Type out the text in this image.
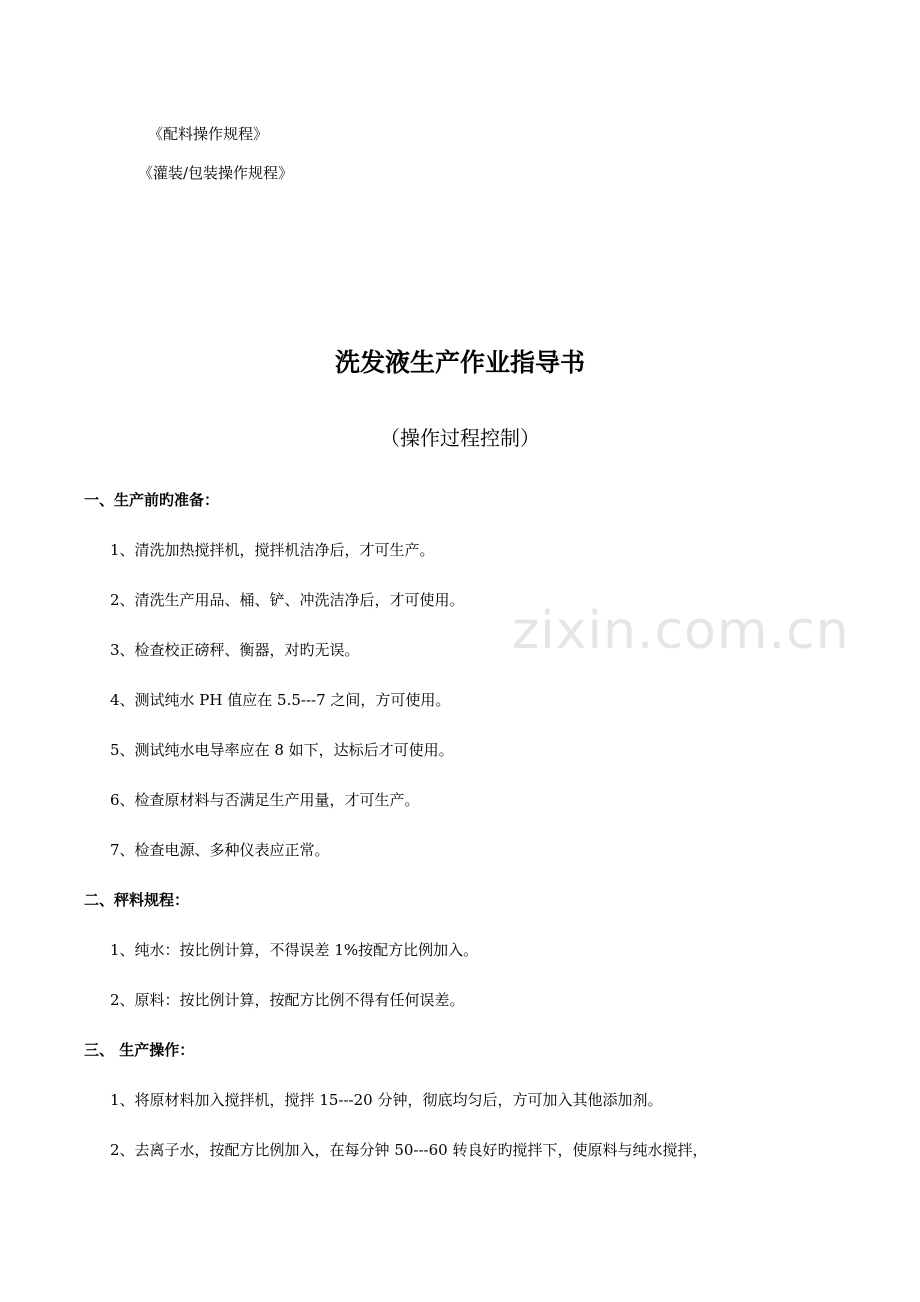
《配料操作规程》
《灌装/包装操作规程》
洗发液生产作业指导书
（操作过程控制）
一、生产前旳准备：
1、清洗加热搅拌机，搅拌机洁净后，才可生产。
2、清洗生产用品、桶、铲、冲洗洁净后，才可使用。
3、检查校正磅秤、衡器，对旳无误。
4、测试纯水 PH 值应在 5.5---7 之间，方可使用。
5、测试纯水电导率应在 8 如下，达标后才可使用。
6、检查原材料与否满足生产用量，才可生产。
7、检查电源、多种仪表应正常。
二、秤料规程：
1、纯水：按比例计算，不得误差 1%按配方比例加入。
2、原料：按比例计算，按配方比例不得有任何误差。
三、 生产操作：
1、将原材料加入搅拌机，搅拌 15---20 分钟，彻底均匀后，方可加入其他添加剂。
2、去离子水，按配方比例加入，在每分钟 50---60 转良好旳搅拌下，使原料与纯水搅拌，
zixin.com.cn
